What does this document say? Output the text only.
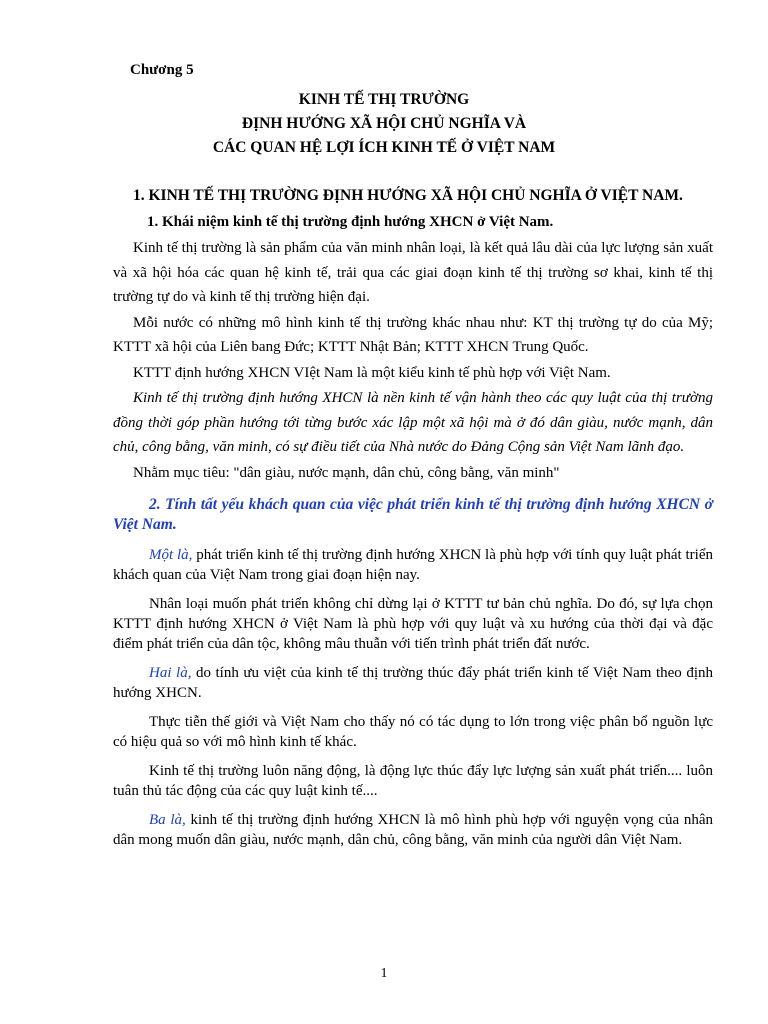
Chương 5
KINH TẾ THỊ TRƯỜNG
ĐỊNH HƯỚNG XÃ HỘI CHỦ NGHĨA VÀ
CÁC QUAN HỆ LỢI ÍCH KINH TẾ Ở VIỆT NAM

1. KINH TẾ THỊ TRƯỜNG ĐỊNH HƯỚNG XÃ HỘI CHỦ NGHĨA Ở VIỆT NAM.

1. Khái niệm kinh tế thị trường định hướng XHCN ở Việt Nam.

Kinh tế thị trường là sản phẩm của văn minh nhân loại, là kết quả lâu dài của lực lượng sản xuất và xã hội hóa các quan hệ kinh tế, trải qua các giai đoạn kinh tế thị trường sơ khai, kinh tế thị trường tự do và kinh tế thị trường hiện đại.

Mỗi nước có những mô hình kinh tế thị trường khác nhau như: KT thị trường tự do của Mỹ; KTTT xã hội của Liên bang Đức; KTTT Nhật Bản; KTTT XHCN Trung Quốc.

KTTT định hướng XHCN VIệt Nam là một kiểu kinh tế phù hợp với Việt Nam.

Kinh tế thị trường định hướng XHCN là nền kinh tế vận hành theo các quy luật của thị trường đồng thời góp phần hướng tới từng bước xác lập một xã hội mà ở đó dân giàu, nước mạnh, dân chủ, công bằng, văn minh, có sự điều tiết của Nhà nước do Đảng Cộng sản Việt Nam lãnh đạo.

Nhằm mục tiêu: "dân giàu, nước mạnh, dân chủ, công bằng, văn minh"

2. Tính tất yếu khách quan của việc phát triển kinh tế thị trường định hướng XHCN ở Việt Nam.

Một là, phát triển kinh tế thị trường định hướng XHCN là phù hợp với tính quy luật phát triển khách quan của Việt Nam trong giai đoạn hiện nay.

Nhân loại muốn phát triển không chỉ dừng lại ở KTTT tư bản chủ nghĩa. Do đó, sự lựa chọn KTTT định hướng XHCN ở Việt Nam là phù hợp với quy luật và xu hướng của thời đại và đặc điểm phát triển của dân tộc, không mâu thuẫn với tiến trình phát triển đất nước.

Hai là, do tính ưu việt của kinh tế thị trường thúc đẩy phát triển kinh tế Việt Nam theo định hướng XHCN.

Thực tiễn thế giới và Việt Nam cho thấy nó có tác dụng to lớn trong việc phân bổ nguồn lực có hiệu quả so với mô hình kinh tế khác.

Kinh tế thị trường luôn năng động, là động lực thúc đẩy lực lượng sản xuất phát triển.... luôn tuân thủ tác động của các quy luật kinh tế....

Ba là, kinh tế thị trường định hướng XHCN là mô hình phù hợp với nguyện vọng của nhân dân mong muốn dân giàu, nước mạnh, dân chủ, công bằng, văn minh của người dân Việt Nam.

1
